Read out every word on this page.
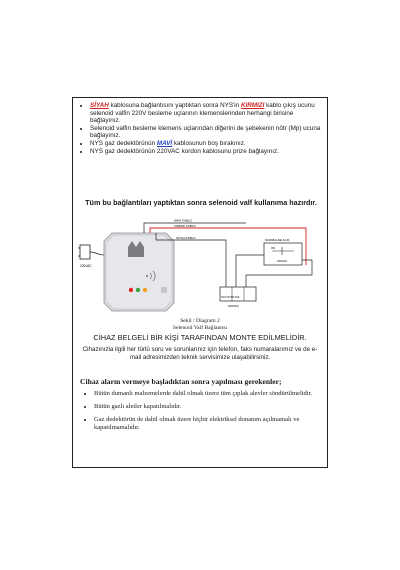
• SİYAH kablosuna bağlantısını yaptıktan sonra NYS'in KIRMIZI kablo çıkış ucunu selenoid valfin 220V besleme uçlarının klemenslerinden herhangi birisine bağlayınız.
• Selenoid valfin besleme klemens uçlarından diğerini de şebekenin nötr (Mp) ucuna bağlayınız.
• NYS gaz dedektörünün MAVİ kablosunun boş bırakınız.
• NYS gaz dedektörünün 220VAC kordon kablosunu prize bağlayınız.
Tüm bu bağlantıları yaptıktan sonra selenoid valf kullanıma hazırdır.
220VAC
MAVİ KABLO
KIRMIZI KABLO
SİYAH KABLO
NORMALDE AÇIK
ON
220VAC
SAT NÖTR FAZ
220VAC
Sekil / Diagram 2
Selenoid Valf Bağlantısı
CİHAZ BELGELİ BİR KİŞİ TARAFINDAN MONTE EDİLMELİDİR.
Cihazınızla ilgili her türlü soru ve sorunlarınız için telefon, faks numaralarımız ve de e-mail adresimizden teknik servisimize ulaşabilirsiniz.
Cihaz alarm vermeye başladıktan sonra yapılması gerekenler;
• Bütün dumanlı malzemelerde dahil olmak üzere tüm çıplak alevler söndürülmelidir.
• Bütün gazlı aletler kapatılmalıdır.
• Gaz dedektörün de dahil olmak üzere hiçbir elektriksel donanım açılmamalı ve kapatılmamalıdır.
